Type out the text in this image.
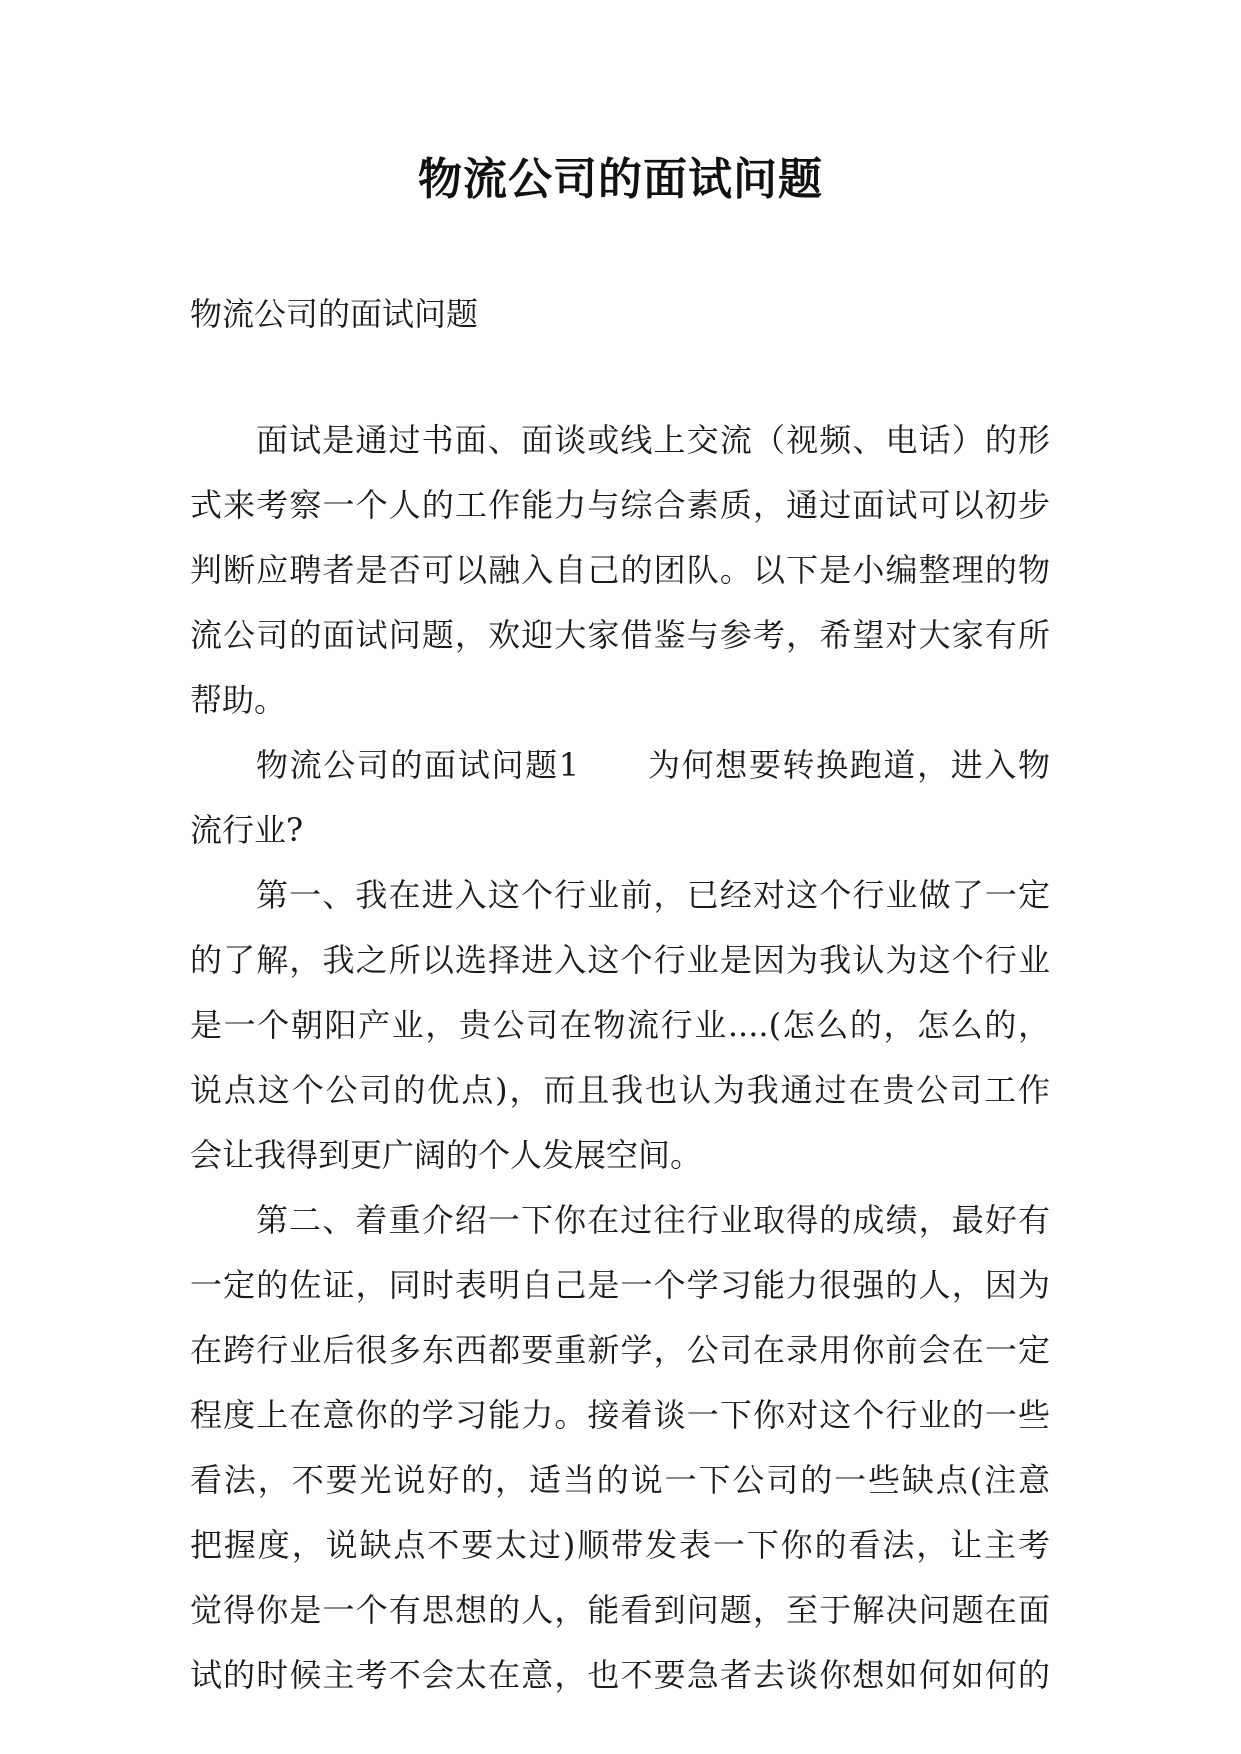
物流公司的面试问题

物流公司的面试问题

面试是通过书面、面谈或线上交流（视频、电话）的形
式来考察一个人的工作能力与综合素质，通过面试可以初步
判断应聘者是否可以融入自己的团队。以下是小编整理的物
流公司的面试问题，欢迎大家借鉴与参考，希望对大家有所
帮助。
物流公司的面试问题1　　为何想要转换跑道，进入物
流行业?
第一、我在进入这个行业前，已经对这个行业做了一定
的了解，我之所以选择进入这个行业是因为我认为这个行业
是一个朝阳产业，贵公司在物流行业....(怎么的，怎么的，
说点这个公司的优点)，而且我也认为我通过在贵公司工作
会让我得到更广阔的个人发展空间。
第二、着重介绍一下你在过往行业取得的成绩，最好有
一定的佐证，同时表明自己是一个学习能力很强的人，因为
在跨行业后很多东西都要重新学，公司在录用你前会在一定
程度上在意你的学习能力。接着谈一下你对这个行业的一些
看法，不要光说好的，适当的说一下公司的一些缺点(注意
把握度，说缺点不要太过)顺带发表一下你的看法，让主考
觉得你是一个有思想的人，能看到问题，至于解决问题在面
试的时候主考不会太在意，也不要急者去谈你想如何如何的
